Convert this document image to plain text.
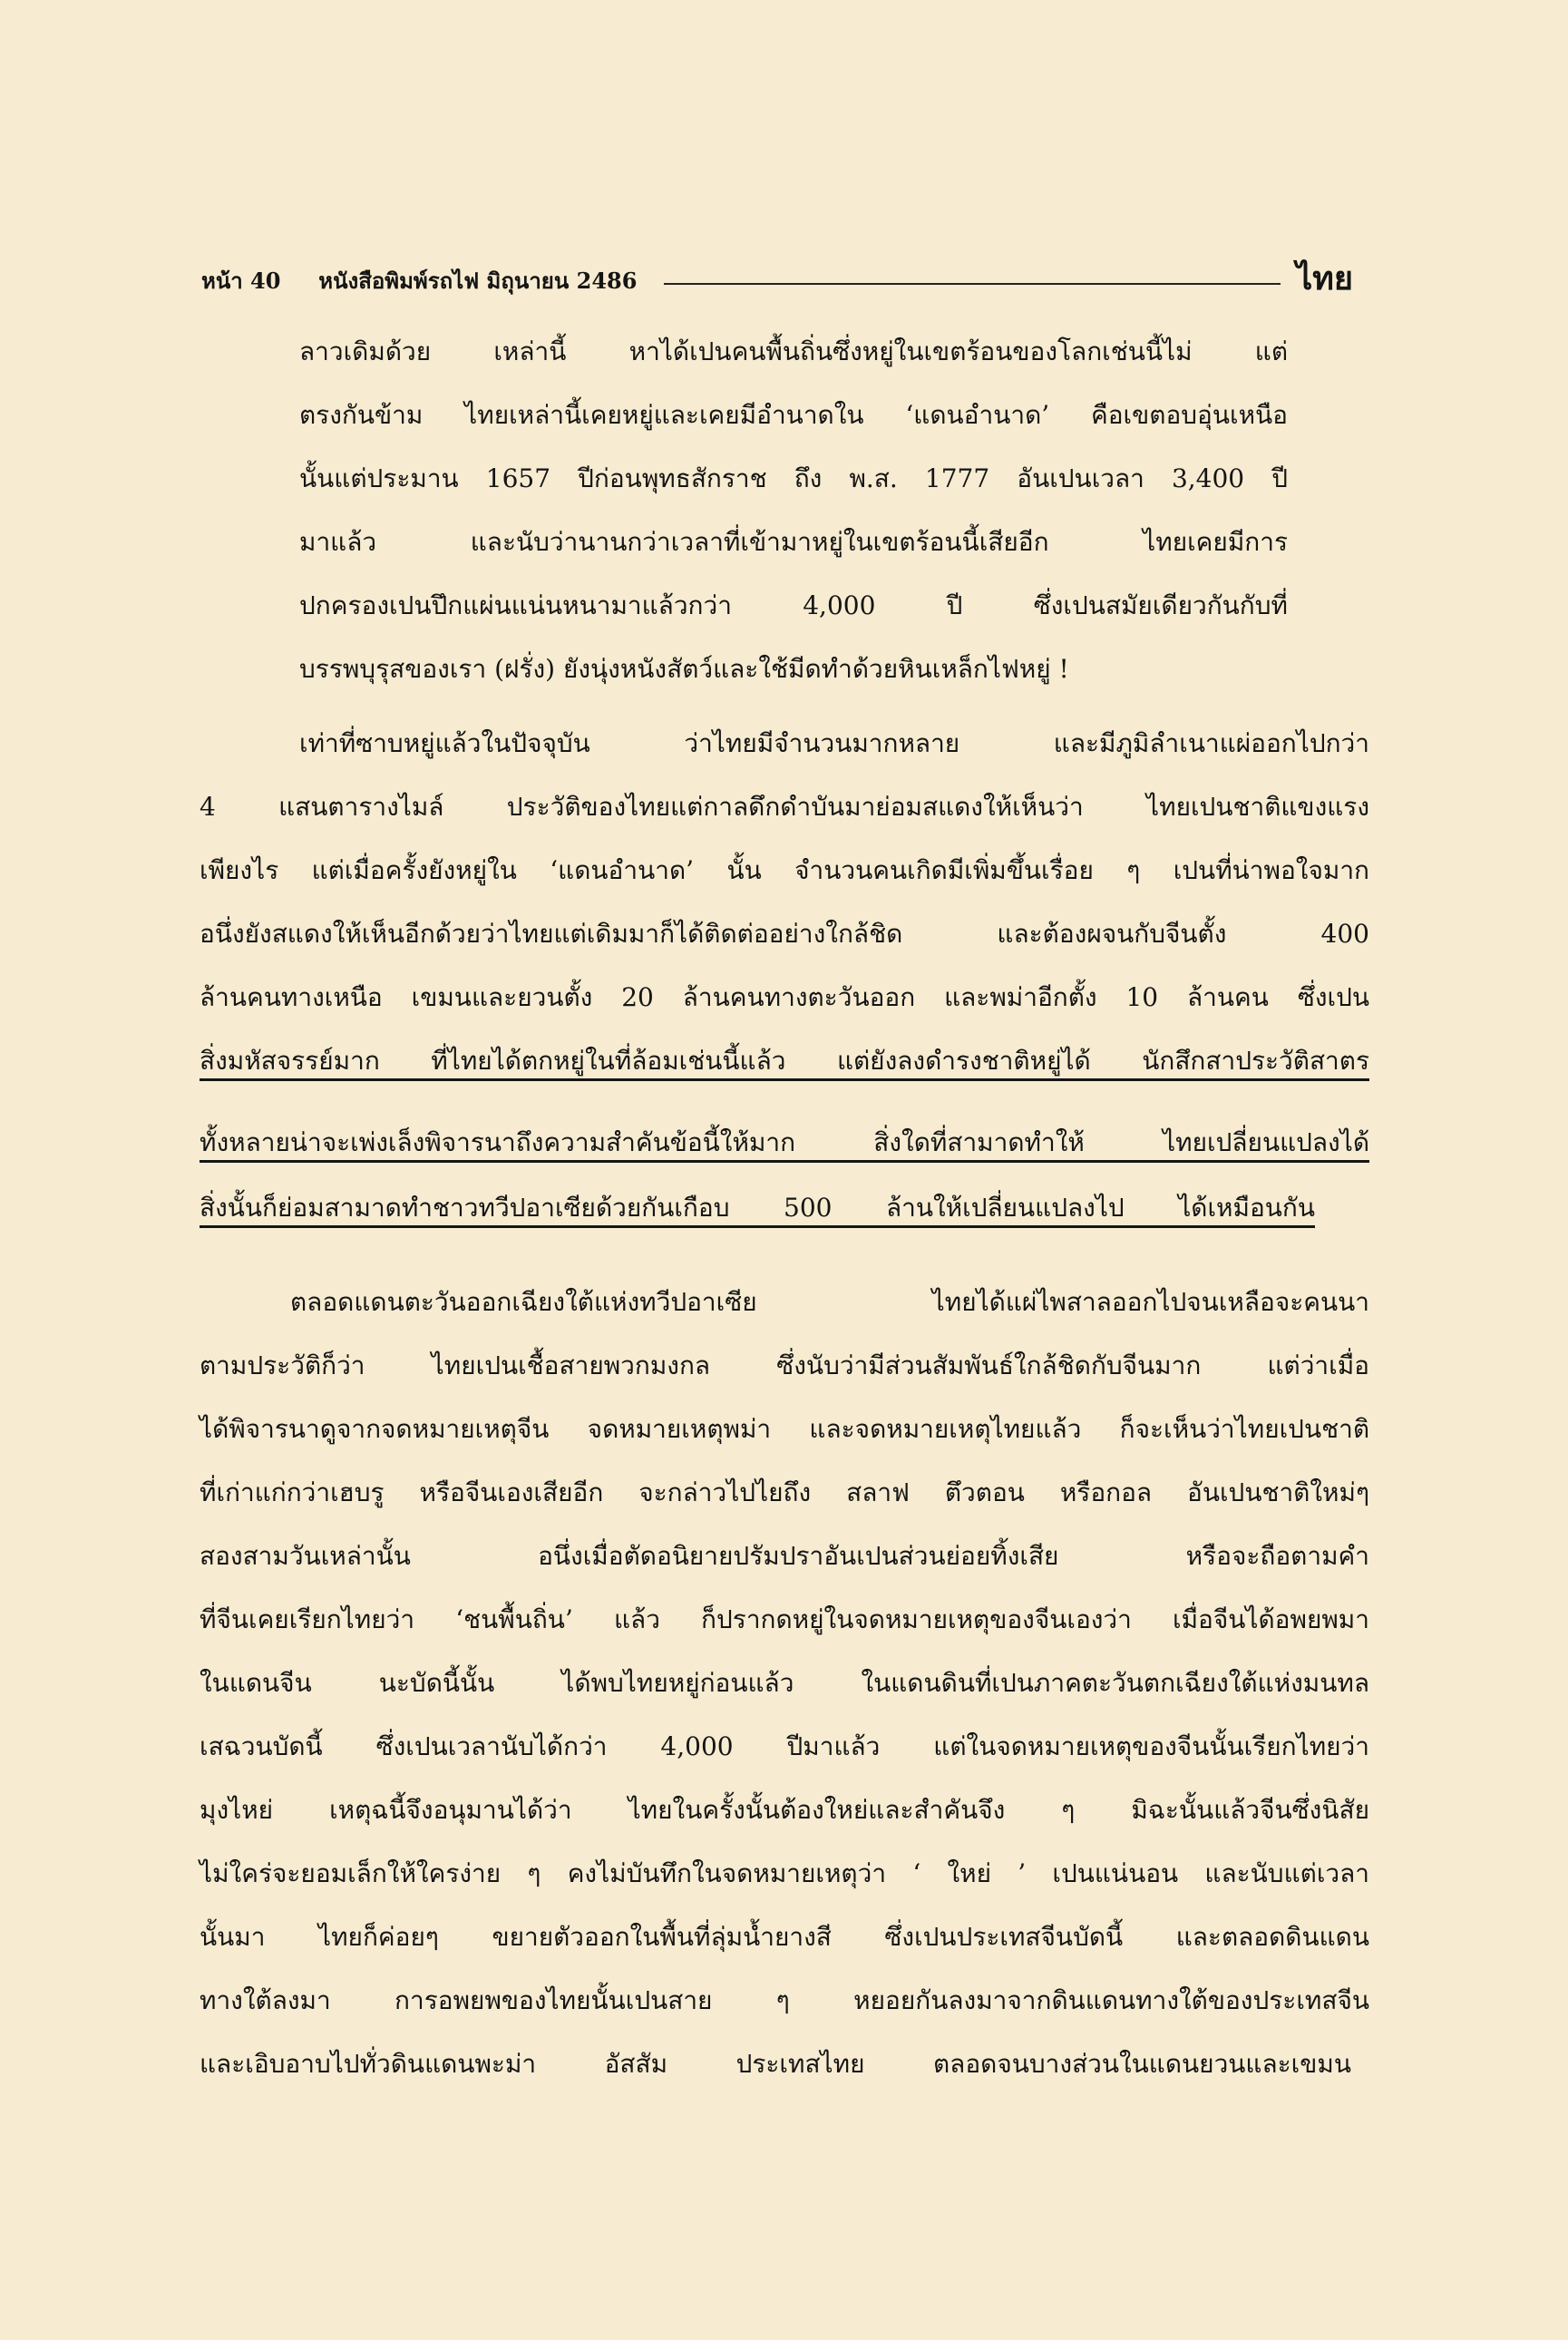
หน้า 40 หนังสือพิมพ์รถไฟ มิถุนายน 2486	ไทย
ลาวเดิมด้วย เหล่านี้ หาได้เปนคนพื้นถิ่นซึ่งหยู่ในเขตร้อนของโลกเช่นนี้ไม่ แต่
ตรงกันข้าม ไทยเหล่านี้เคยหยู่และเคยมีอำนาดใน ‘แดนอำนาด’ คือเขตอบอุ่นเหนือ
นั้นแต่ประมาน 1657 ปีก่อนพุทธสักราช ถึง พ.ส. 1777 อันเปนเวลา 3,400 ปี
มาแล้ว และนับว่านานกว่าเวลาที่เข้ามาหยู่ในเขตร้อนนี้เสียอีก ไทยเคยมีการ
ปกครองเปนปึกแผ่นแน่นหนามาแล้วกว่า 4,000 ปี ซึ่งเปนสมัยเดียวกันกับที่
บรรพบุรุสของเรา (ฝรั่ง) ยังนุ่งหนังสัตว์และใช้มีดทำด้วยหินเหล็กไฟหยู่ !
เท่าที่ซาบหยู่แล้วในปัจจุบัน ว่าไทยมีจำนวนมากหลาย และมีภูมิลำเนาแผ่ออกไปกว่า
4 แสนตารางไมล์ ประวัติของไทยแต่กาลดึกดำบันมาย่อมสแดงให้เห็นว่า ไทยเปนชาติแขงแรง
เพียงไร แต่เมื่อครั้งยังหยู่ใน ‘แดนอำนาด’ นั้น จำนวนคนเกิดมีเพิ่มขึ้นเรื่อย ๆ เปนที่น่าพอใจมาก
อนึ่งยังสแดงให้เห็นอีกด้วยว่าไทยแต่เดิมมาก็ได้ติดต่ออย่างใกล้ชิด และต้องผจนกับจีนตั้ง 400
ล้านคนทางเหนือ เขมนและยวนตั้ง 20 ล้านคนทางตะวันออก และพม่าอีกตั้ง 10 ล้านคน ซึ่งเปน
สิ่งมหัสจรรย์มาก ที่ไทยได้ตกหยู่ในที่ล้อมเช่นนี้แล้ว แต่ยังลงดำรงชาติหยู่ได้ นักสึกสาประวัติสาตร
ทั้งหลายน่าจะเพ่งเล็งพิจารนาถึงความสำคันข้อนี้ให้มาก สิ่งใดที่สามาดทำให้ ไทยเปลี่ยนแปลงได้
สิ่งนั้นก็ย่อมสามาดทำชาวทวีปอาเซียด้วยกันเกือบ 500 ล้านให้เปลี่ยนแปลงไป ได้เหมือนกัน
ตลอดแดนตะวันออกเฉียงใต้แห่งทวีปอาเซีย ไทยได้แผ่ไพสาลออกไปจนเหลือจะคนนา
ตามประวัติก็ว่า ไทยเปนเชื้อสายพวกมงกล ซึ่งนับว่ามีส่วนสัมพันธ์ใกล้ชิดกับจีนมาก แต่ว่าเมื่อ
ได้พิจารนาดูจากจดหมายเหตุจีน จดหมายเหตุพม่า และจดหมายเหตุไทยแล้ว ก็จะเห็นว่าไทยเปนชาติ
ที่เก่าแก่กว่าเฮบรู หรือจีนเองเสียอีก จะกล่าวไปไยถึง สลาฟ ตึวตอน หรือกอล อันเปนชาติใหม่ๆ
สองสามวันเหล่านั้น อนึ่งเมื่อตัดอนิยายปรัมปราอันเปนส่วนย่อยทิ้งเสีย หรือจะถือตามคำ
ที่จีนเคยเรียกไทยว่า ‘ชนพื้นถิ่น’ แล้ว ก็ปรากดหยู่ในจดหมายเหตุของจีนเองว่า เมื่อจีนได้อพยพมา
ในแดนจีน นะบัดนี้นั้น ได้พบไทยหยู่ก่อนแล้ว ในแดนดินที่เปนภาคตะวันตกเฉียงใต้แห่งมนทล
เสฉวนบัดนี้ ซึ่งเปนเวลานับได้กว่า 4,000 ปีมาแล้ว แต่ในจดหมายเหตุของจีนนั้นเรียกไทยว่า
มุงไหย่ เหตุฉนี้จึงอนุมานได้ว่า ไทยในครั้งนั้นต้องใหย่และสำคันจึง ๆ มิฉะนั้นแล้วจีนซึ่งนิสัย
ไม่ใคร่จะยอมเล็กให้ใครง่าย ๆ คงไม่บันทึกในจดหมายเหตุว่า ‘ ใหย่ ’ เปนแน่นอน และนับแต่เวลา
นั้นมา ไทยก็ค่อยๆ ขยายตัวออกในพื้นที่ลุ่มน้ำยางสี ซึ่งเปนประเทสจีนบัดนี้ และตลอดดินแดน
ทางใต้ลงมา การอพยพของไทยนั้นเปนสาย ๆ หยอยกันลงมาจากดินแดนทางใต้ของประเทสจีน
และเอิบอาบไปทั่วดินแดนพะม่า อัสสัม ประเทสไทย ตลอดจนบางส่วนในแดนยวนและเขมน
